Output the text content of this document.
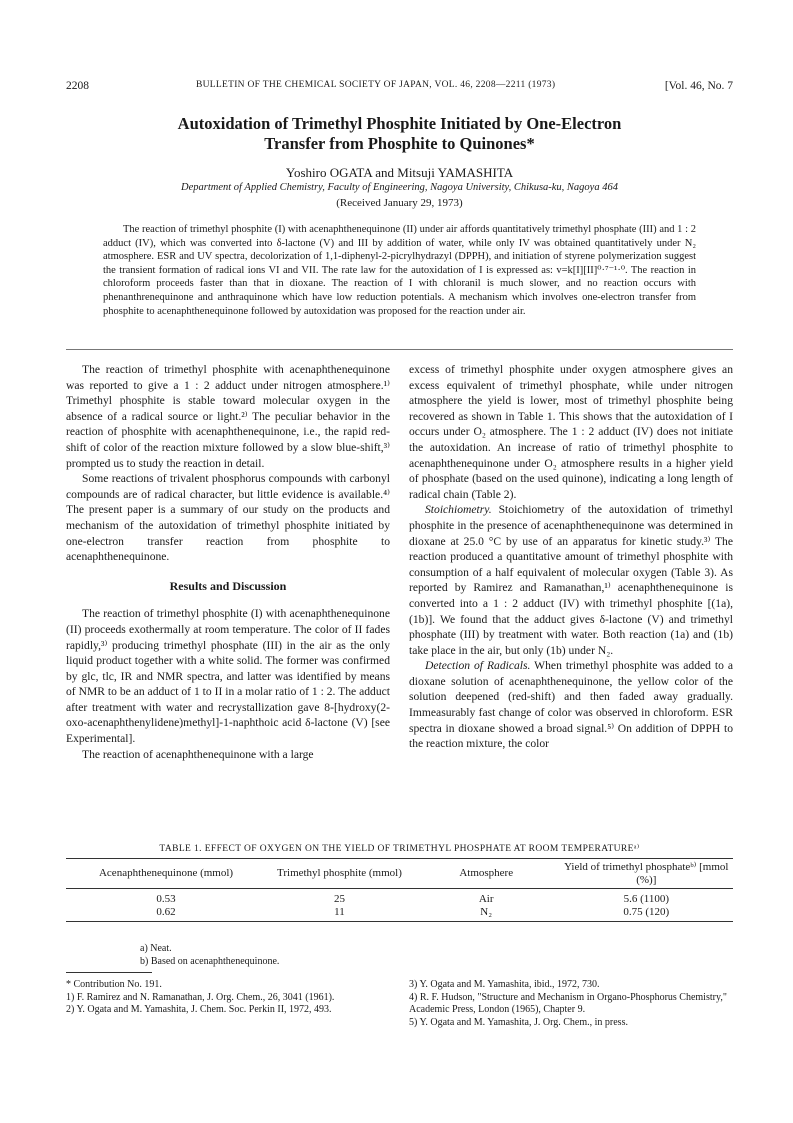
2208	BULLETIN OF THE CHEMICAL SOCIETY OF JAPAN, VOL. 46, 2208—2211 (1973)	[Vol. 46, No. 7
Autoxidation of Trimethyl Phosphite Initiated by One-Electron
Transfer from Phosphite to Quinones*
Yoshiro OGATA and Mitsuji YAMASHITA
Department of Applied Chemistry, Faculty of Engineering, Nagoya University, Chikusa-ku, Nagoya 464
(Received January 29, 1973)
The reaction of trimethyl phosphite (I) with acenaphthenequinone (II) under air affords quantitatively trimethyl phosphate (III) and 1 : 2 adduct (IV), which was converted into δ-lactone (V) and III by addition of water, while only IV was obtained quantitatively under N₂ atmosphere. ESR and UV spectra, decolorization of 1,1-diphenyl-2-picrylhydrazyl (DPPH), and initiation of styrene polymerization suggest the transient formation of radical ions VI and VII. The rate law for the autoxidation of I is expressed as: v=k[I][II]⁰·⁷⁻¹·⁰. The reaction in chloroform proceeds faster than that in dioxane. The reaction of I with chloranil is much slower, and no reaction occurs with phenanthrenequinone and anthraquinone which have low reduction potentials. A mechanism which involves one-electron transfer from phosphite to acenaphthenequinone followed by autoxidation was proposed for the reaction under air.

The reaction of trimethyl phosphite with acenaphthenequinone was reported to give a 1 : 2 adduct under nitrogen atmosphere.¹⁾ Trimethyl phosphite is stable toward molecular oxygen in the absence of a radical source or light.²⁾ The peculiar behavior in the reaction of phosphite with acenaphthenequinone, i.e., the rapid red-shift of color of the reaction mixture followed by a slow blue-shift,³⁾ prompted us to study the reaction in detail.

Some reactions of trivalent phosphorus compounds with carbonyl compounds are of radical character, but little evidence is available.⁴⁾ The present paper is a summary of our study on the products and mechanism of the autoxidation of trimethyl phosphite initiated by one-electron transfer reaction from phosphite to acenaphthenequinone.

Results and Discussion

The reaction of trimethyl phosphite (I) with acenaphthenequinone (II) proceeds exothermally at room temperature. The color of II fades rapidly,³⁾ producing trimethyl phosphate (III) in the air as the only liquid product together with a white solid. The former was confirmed by glc, tlc, IR and NMR spectra, and latter was identified by means of NMR to be an adduct of 1 to II in a molar ratio of 1 : 2. The adduct after treatment with water and recrystallization gave 8-[hydroxy(2-oxo-acenaphthenylidene)methyl]-1-naphthoic acid δ-lactone (V) [see Experimental].

The reaction of acenaphthenequinone with a large

excess of trimethyl phosphite under oxygen atmosphere gives an excess equivalent of trimethyl phosphate, while under nitrogen atmosphere the yield is lower, most of trimethyl phosphite being recovered as shown in Table 1. This shows that the autoxidation of I occurs under O₂ atmosphere. The 1 : 2 adduct (IV) does not initiate the autoxidation. An increase of ratio of trimethyl phosphite to acenaphthenequinone under O₂ atmosphere results in a higher yield of phosphate (based on the used quinone), indicating a long length of radical chain (Table 2).

Stoichiometry. Stoichiometry of the autoxidation of trimethyl phosphite in the presence of acenaphthenequinone was determined in dioxane at 25.0 °C by use of an apparatus for kinetic study.³⁾ The reaction produced a quantitative amount of trimethyl phosphite with consumption of a half equivalent of molecular oxygen (Table 3). As reported by Ramirez and Ramanathan,¹⁾ acenaphthenequinone is converted into a 1 : 2 adduct (IV) with trimethyl phosphite [(1a), (1b)]. We found that the adduct gives δ-lactone (V) and trimethyl phosphate (III) by treatment with water. Both reaction (1a) and (1b) take place in the air, but only (1b) under N₂.

Detection of Radicals. When trimethyl phosphite was added to a dioxane solution of acenaphthenequinone, the yellow color of the solution deepened (red-shift) and then faded away gradually. Immeasurably fast change of color was observed in chloroform. ESR spectra in dioxane showed a broad signal.⁵⁾ On addition of DPPH to the reaction mixture, the color

TABLE 1. EFFECT OF OXYGEN ON THE YIELD OF TRIMETHYL PHOSPHATE AT ROOM TEMPERATUREᵃ⁾
Acenaphthenequinone (mmol)	Trimethyl phosphite (mmol)	Atmosphere	Yield of trimethyl phosphateᵇ⁾ [mmol (%)]
0.53	25	Air	5.6 (1100)
0.62	11	N₂	0.75 (120)
a) Neat.
b) Based on acenaphthenequinone.
* Contribution No. 191.
1) F. Ramirez and N. Ramanathan, J. Org. Chem., 26, 3041 (1961).
2) Y. Ogata and M. Yamashita, J. Chem. Soc. Perkin II, 1972, 493.
3) Y. Ogata and M. Yamashita, ibid., 1972, 730.
4) R. F. Hudson, "Structure and Mechanism in Organo-Phosphorus Chemistry," Academic Press, London (1965), Chapter 9.
5) Y. Ogata and M. Yamashita, J. Org. Chem., in press.
